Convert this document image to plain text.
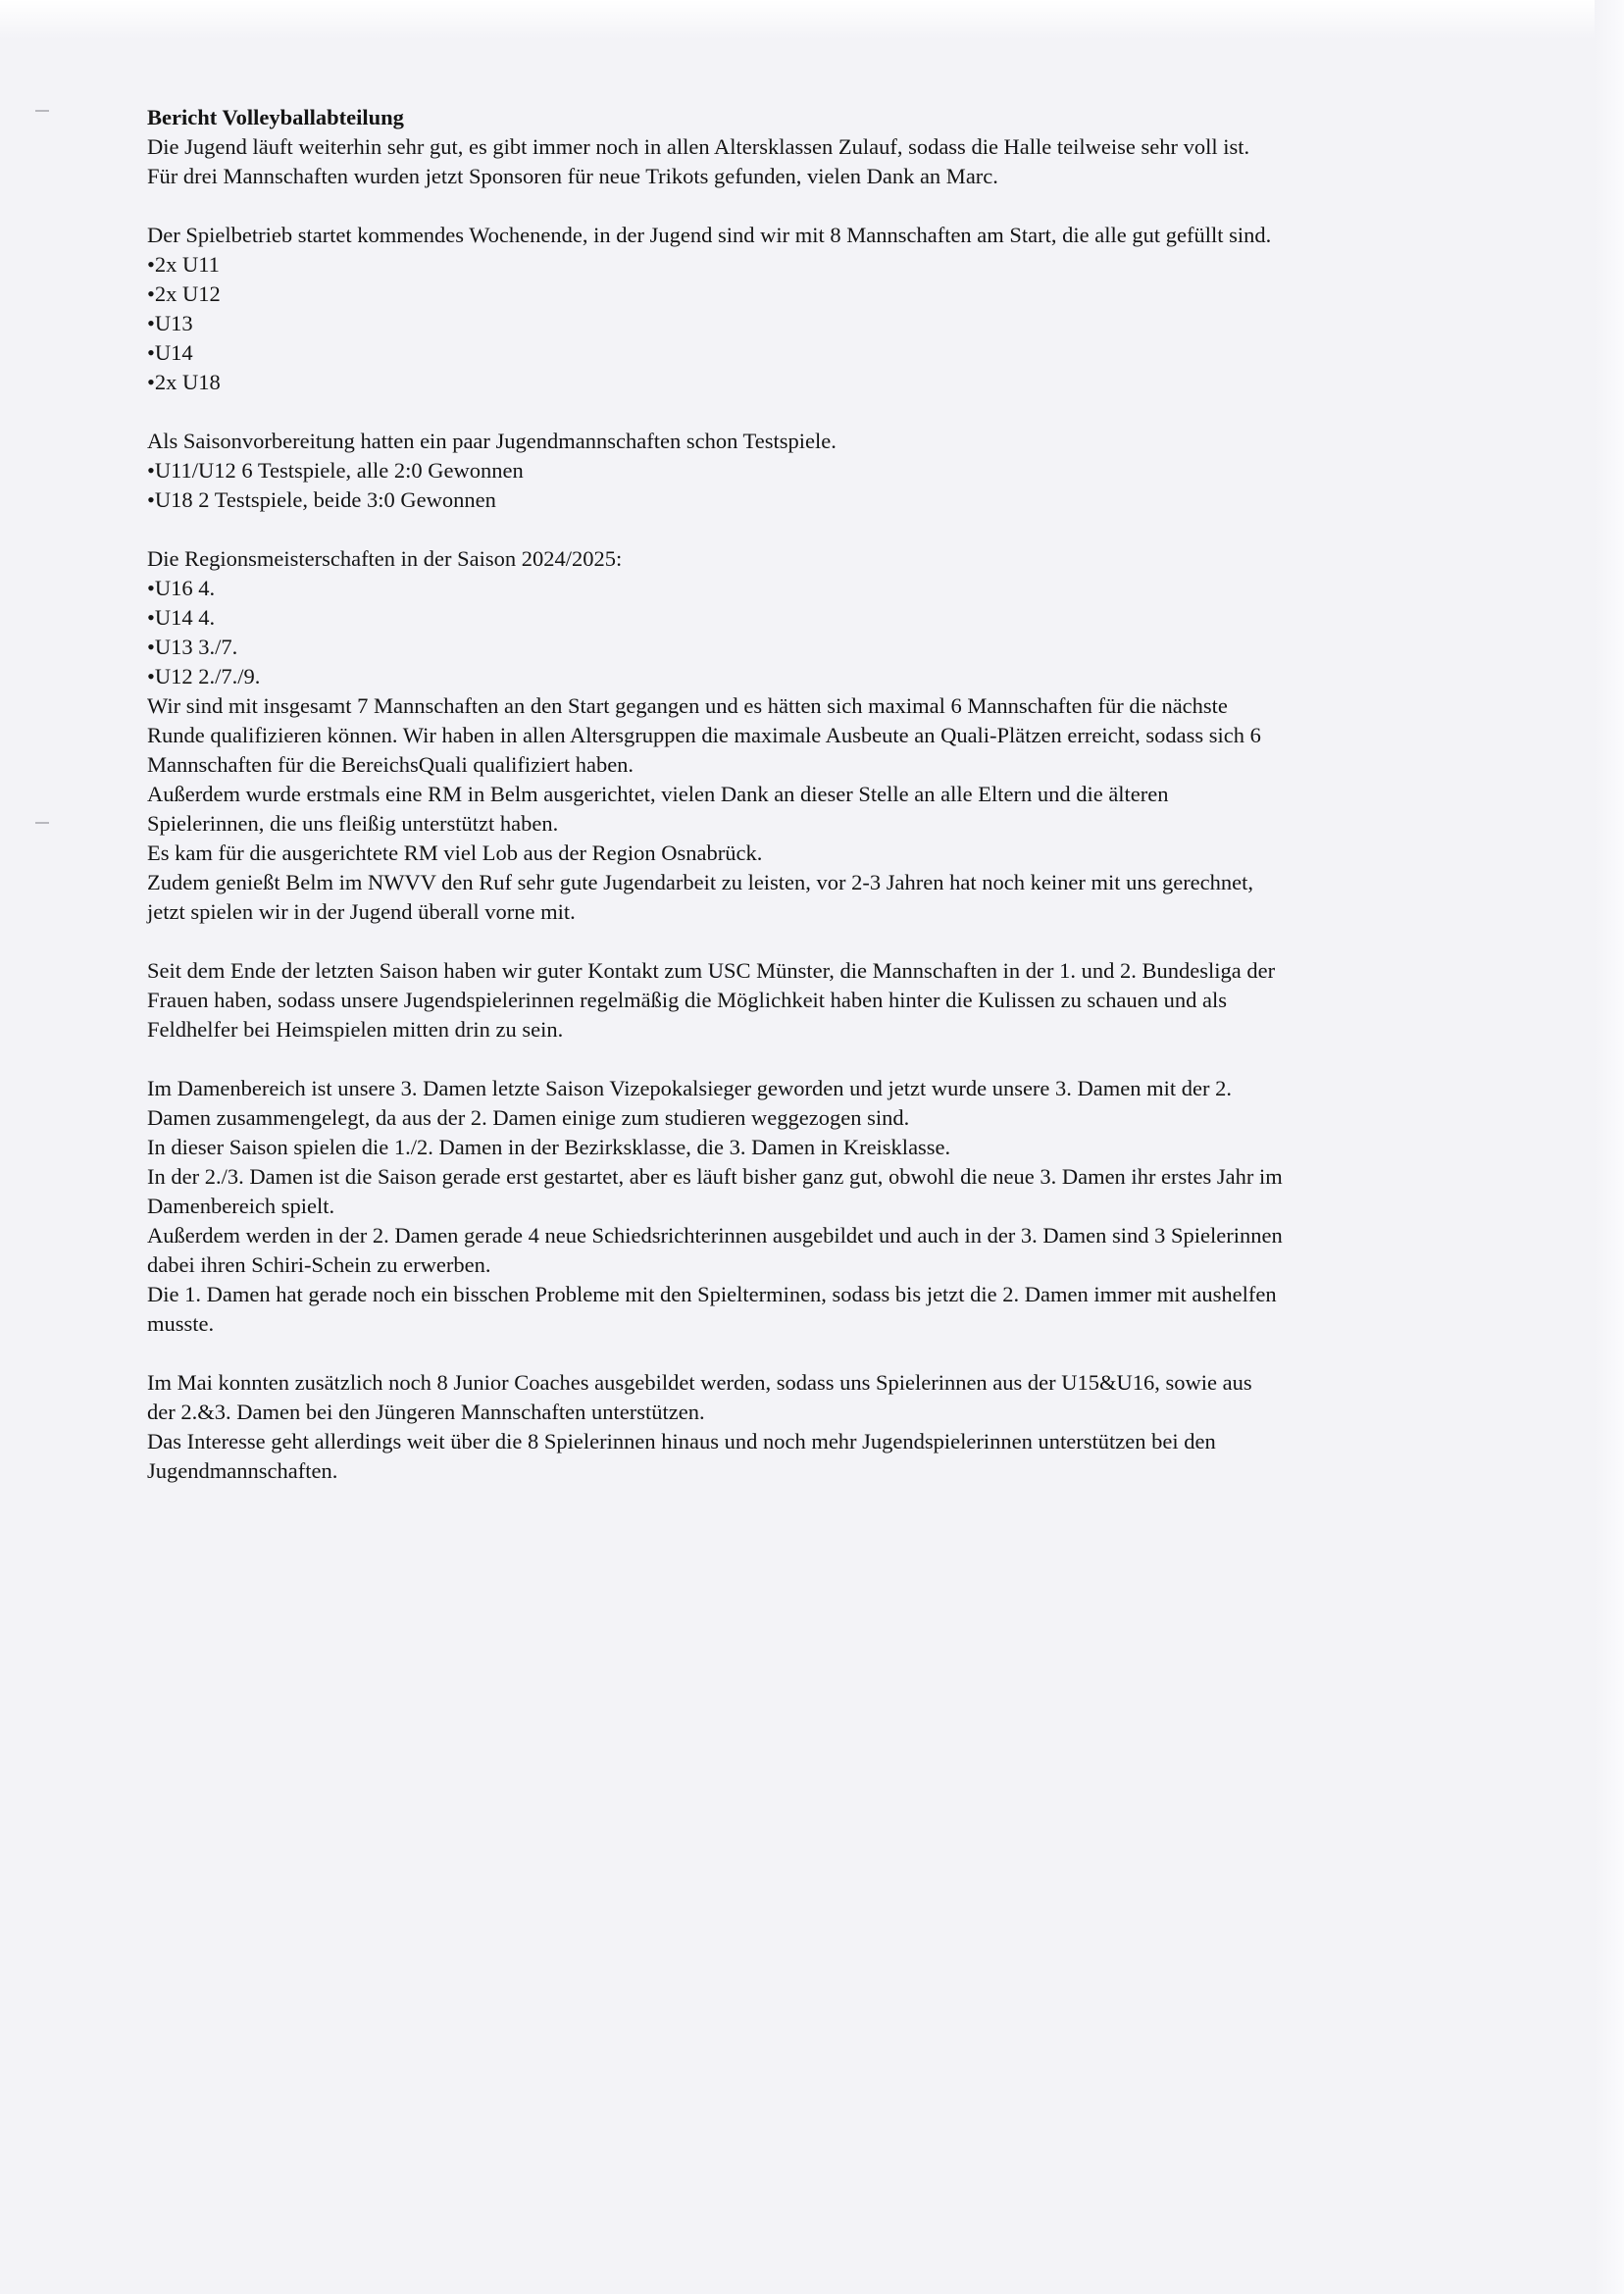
Bericht Volleyballabteilung
Die Jugend läuft weiterhin sehr gut, es gibt immer noch in allen Altersklassen Zulauf, sodass die Halle teilweise sehr voll ist.
Für drei Mannschaften wurden jetzt Sponsoren für neue Trikots gefunden, vielen Dank an Marc.
Der Spielbetrieb startet kommendes Wochenende, in der Jugend sind wir mit 8 Mannschaften am Start, die alle gut gefüllt sind.
•2x U11
•2x U12
•U13
•U14
•2x U18
Als Saisonvorbereitung hatten ein paar Jugendmannschaften schon Testspiele.
•U11/U12 6 Testspiele, alle 2:0 Gewonnen
•U18 2 Testspiele, beide 3:0 Gewonnen
Die Regionsmeisterschaften in der Saison 2024/2025:
•U16 4.
•U14 4.
•U13 3./7.
•U12 2./7./9.
Wir sind mit insgesamt 7 Mannschaften an den Start gegangen und es hätten sich maximal 6 Mannschaften für die nächste
Runde qualifizieren können. Wir haben in allen Altersgruppen die maximale Ausbeute an Quali-Plätzen erreicht, sodass sich 6
Mannschaften für die BereichsQuali qualifiziert haben.
Außerdem wurde erstmals eine RM in Belm ausgerichtet, vielen Dank an dieser Stelle an alle Eltern und die älteren
Spielerinnen, die uns fleißig unterstützt haben.
Es kam für die ausgerichtete RM viel Lob aus der Region Osnabrück.
Zudem genießt Belm im NWVV den Ruf sehr gute Jugendarbeit zu leisten, vor 2-3 Jahren hat noch keiner mit uns gerechnet,
jetzt spielen wir in der Jugend überall vorne mit.
Seit dem Ende der letzten Saison haben wir guter Kontakt zum USC Münster, die Mannschaften in der 1. und 2. Bundesliga der
Frauen haben, sodass unsere Jugendspielerinnen regelmäßig die Möglichkeit haben hinter die Kulissen zu schauen und als
Feldhelfer bei Heimspielen mitten drin zu sein.
Im Damenbereich ist unsere 3. Damen letzte Saison Vizepokalsieger geworden und jetzt wurde unsere 3. Damen mit der 2.
Damen zusammengelegt, da aus der 2. Damen einige zum studieren weggezogen sind.
In dieser Saison spielen die 1./2. Damen in der Bezirksklasse, die 3. Damen in Kreisklasse.
In der 2./3. Damen ist die Saison gerade erst gestartet, aber es läuft bisher ganz gut, obwohl die neue 3. Damen ihr erstes Jahr im
Damenbereich spielt.
Außerdem werden in der 2. Damen gerade 4 neue Schiedsrichterinnen ausgebildet und auch in der 3. Damen sind 3 Spielerinnen
dabei ihren Schiri-Schein zu erwerben.
Die 1. Damen hat gerade noch ein bisschen Probleme mit den Spielterminen, sodass bis jetzt die 2. Damen immer mit aushelfen
musste.
Im Mai konnten zusätzlich noch 8 Junior Coaches ausgebildet werden, sodass uns Spielerinnen aus der U15&U16, sowie aus
der 2.&3. Damen bei den Jüngeren Mannschaften unterstützen.
Das Interesse geht allerdings weit über die 8 Spielerinnen hinaus und noch mehr Jugendspielerinnen unterstützen bei den
Jugendmannschaften.
